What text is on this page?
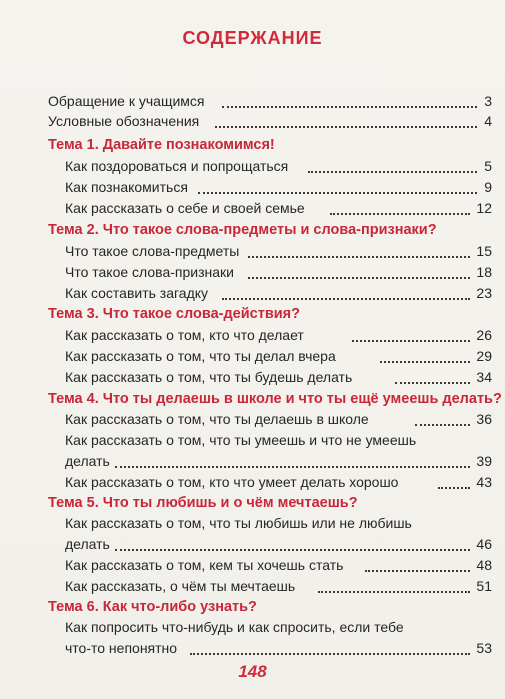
СОДЕРЖАНИЕ
Обращение к учащимся	3
Условные обозначения	4
Тема 1. Давайте познакомимся!
Как поздороваться и попрощаться	5
Как познакомиться	9
Как рассказать о себе и своей семье	12
Тема 2. Что такое слова-предметы и слова-признаки?
Что такое слова-предметы	15
Что такое слова-признаки	18
Как составить загадку	23
Тема 3. Что такое слова-действия?
Как рассказать о том, кто что делает	26
Как рассказать о том, что ты делал вчера	29
Как рассказать о том, что ты будешь делать	34
Тема 4. Что ты делаешь в школе и что ты ещё умеешь делать?
Как рассказать о том, что ты делаешь в школе	36
Как рассказать о том, что ты умеешь и что не умеешь
делать	39
Как рассказать о том, кто что умеет делать хорошо	43
Тема 5. Что ты любишь и о чём мечтаешь?
Как рассказать о том, что ты любишь или не любишь
делать	46
Как рассказать о том, кем ты хочешь стать	48
Как рассказать, о чём ты мечтаешь	51
Тема 6. Как что-либо узнать?
Как попросить что-нибудь и как спросить, если тебе
что-то непонятно	53
148
